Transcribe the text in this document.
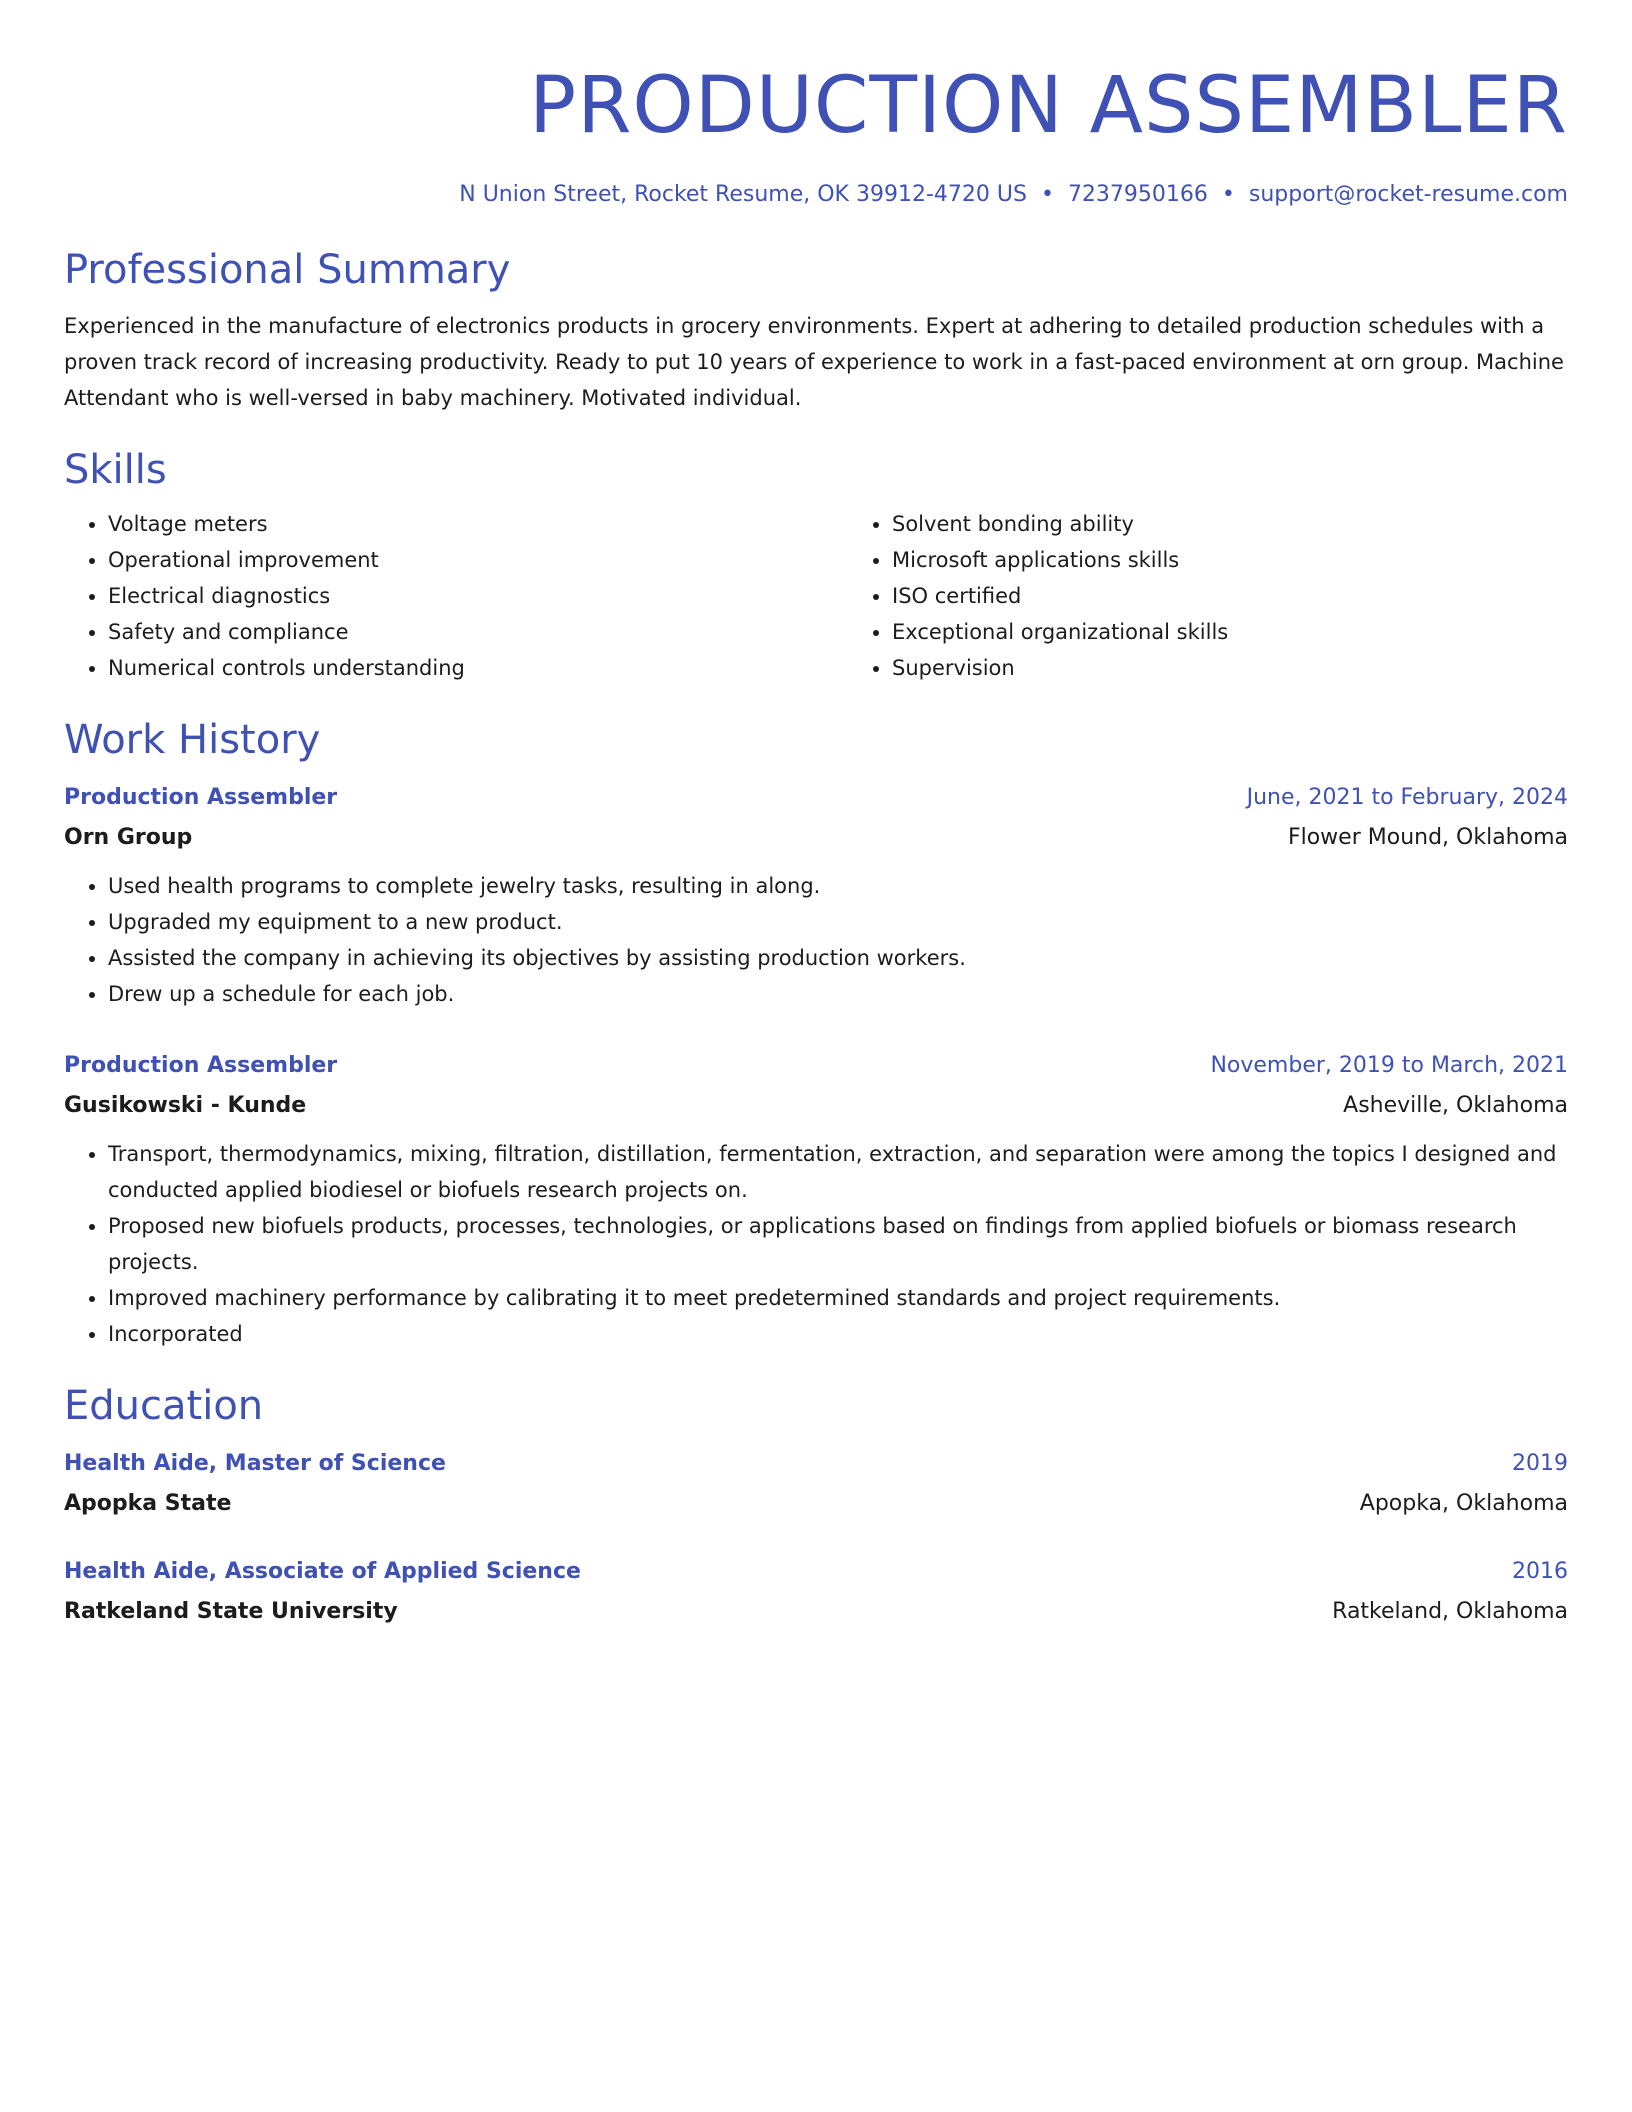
PRODUCTION ASSEMBLER
N Union Street, Rocket Resume, OK 39912-4720 US • 7237950166 • support@rocket-resume.com
Professional Summary

Experienced in the manufacture of electronics products in grocery environments. Expert at adhering to detailed production schedules with a proven track record of increasing productivity. Ready to put 10 years of experience to work in a fast-paced environment at orn group. Machine Attendant who is well-versed in baby machinery. Motivated individual.

Skills
• Voltage meters
• Operational improvement
• Electrical diagnostics
• Safety and compliance
• Numerical controls understanding
• Solvent bonding ability
• Microsoft applications skills
• ISO certified
• Exceptional organizational skills
• Supervision
Work History
Production Assembler	June, 2021 to February, 2024
Orn Group	Flower Mound, Oklahoma
• Used health programs to complete jewelry tasks, resulting in along.
• Upgraded my equipment to a new product.
• Assisted the company in achieving its objectives by assisting production workers.
• Drew up a schedule for each job.
Production Assembler	November, 2019 to March, 2021
Gusikowski - Kunde	Asheville, Oklahoma
• Transport, thermodynamics, mixing, filtration, distillation, fermentation, extraction, and separation were among the topics I designed and conducted applied biodiesel or biofuels research projects on.
• Proposed new biofuels products, processes, technologies, or applications based on findings from applied biofuels or biomass research projects.
• Improved machinery performance by calibrating it to meet predetermined standards and project requirements.
• Incorporated
Education
Health Aide, Master of Science	2019
Apopka State	Apopka, Oklahoma
Health Aide, Associate of Applied Science	2016
Ratkeland State University	Ratkeland, Oklahoma
